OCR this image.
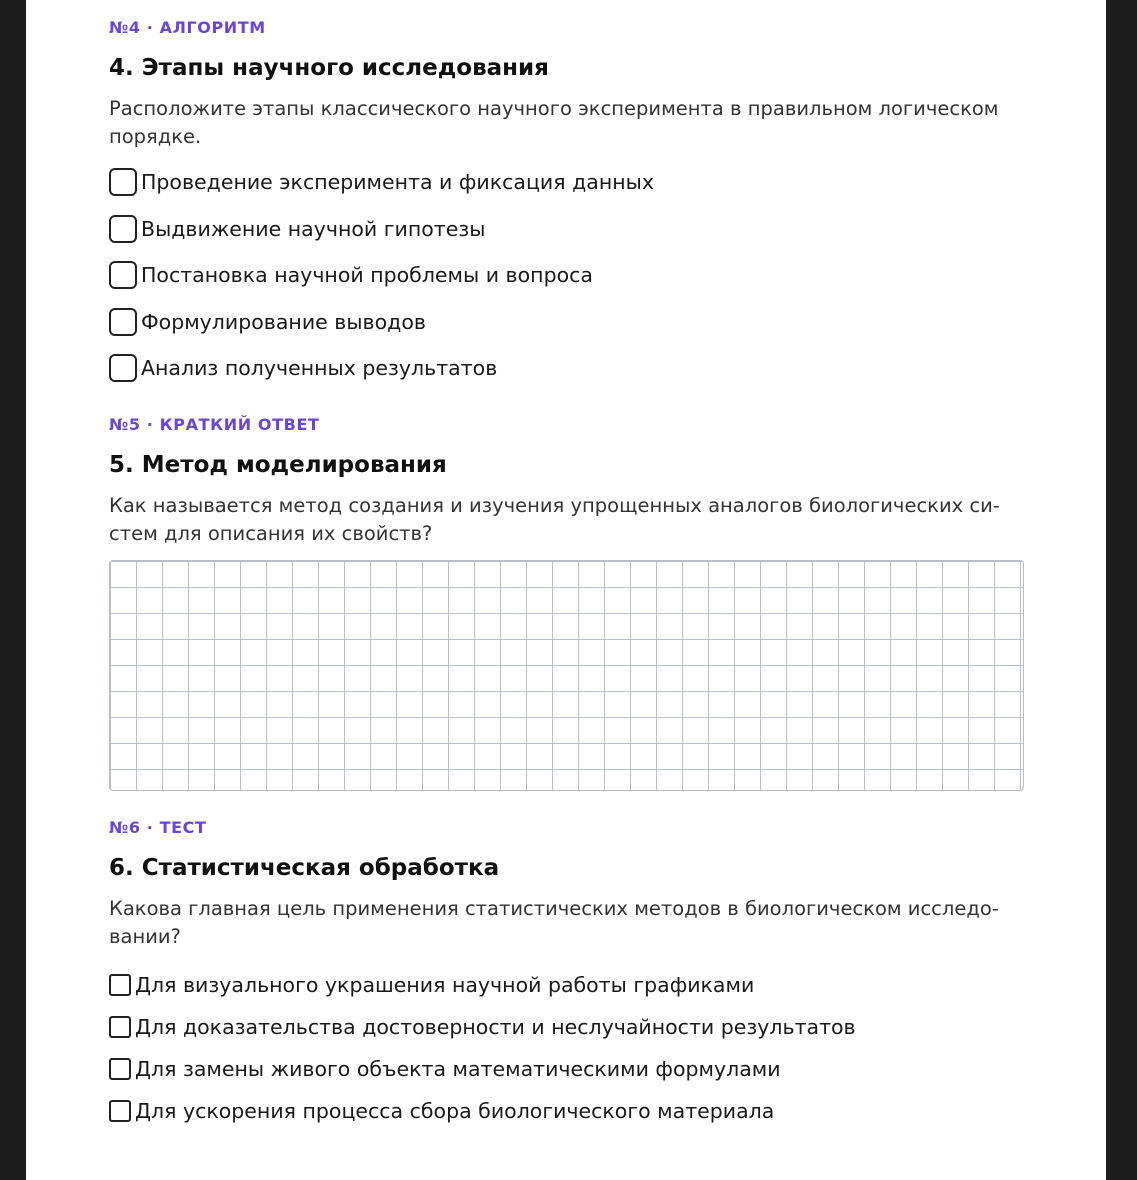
№4 · АЛГОРИТМ
4. Этапы научного исследования
Расположите этапы классического научного эксперимента в правильном логическом порядке.
Проведение эксперимента и фиксация данных
Выдвижение научной гипотезы
Постановка научной проблемы и вопроса
Формулирование выводов
Анализ полученных результатов
№5 · КРАТКИЙ ОТВЕТ
5. Метод моделирования
Как называется метод создания и изучения упрощенных аналогов биологических си-
стем для описания их свойств?
№6 · ТЕСТ
6. Статистическая обработка
Какова главная цель применения статистических методов в биологическом исследо-
вании?
Для визуального украшения научной работы графиками
Для доказательства достоверности и неслучайности результатов
Для замены живого объекта математическими формулами
Для ускорения процесса сбора биологического материала
